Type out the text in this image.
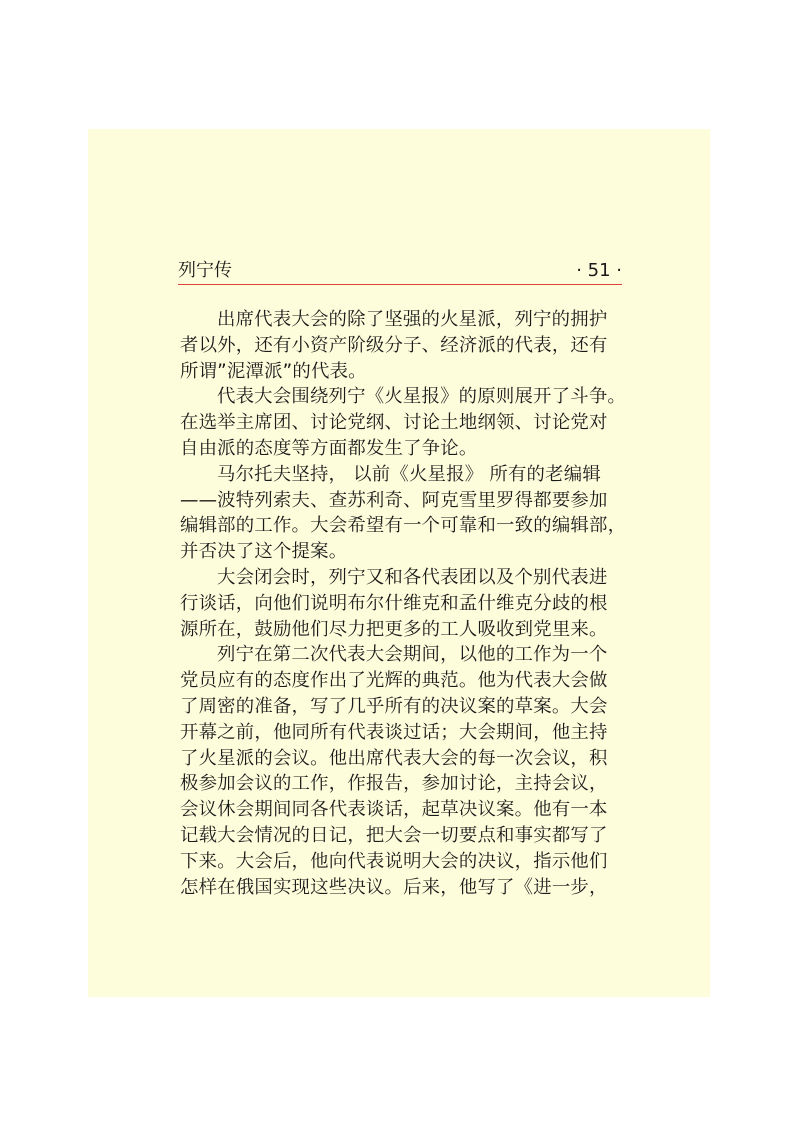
列宁传	· 51 ·
出席代表大会的除了坚强的火星派，列宁的拥护
者以外，还有小资产阶级分子、经济派的代表，还有
所谓”泥潭派”的代表。
代表大会围绕列宁《火星报》的原则展开了斗争。
在选举主席团、讨论党纲、讨论土地纲领、讨论党对
自由派的态度等方面都发生了争论。
马尔托夫坚持， 以前《火星报》 所有的老编辑
——波特列索夫、查苏利奇、阿克雪里罗得都要参加
编辑部的工作。大会希望有一个可靠和一致的编辑部，
并否决了这个提案。
大会闭会时，列宁又和各代表团以及个别代表进
行谈话，向他们说明布尔什维克和孟什维克分歧的根
源所在，鼓励他们尽力把更多的工人吸收到党里来。
列宁在第二次代表大会期间，以他的工作为一个
党员应有的态度作出了光辉的典范。他为代表大会做
了周密的准备，写了几乎所有的决议案的草案。大会
开幕之前，他同所有代表谈过话；大会期间，他主持
了火星派的会议。他出席代表大会的每一次会议，积
极参加会议的工作，作报告，参加讨论，主持会议，
会议休会期间同各代表谈话，起草决议案。他有一本
记载大会情况的日记，把大会一切要点和事实都写了
下来。大会后，他向代表说明大会的决议，指示他们
怎样在俄国实现这些决议。后来，他写了《进一步，
